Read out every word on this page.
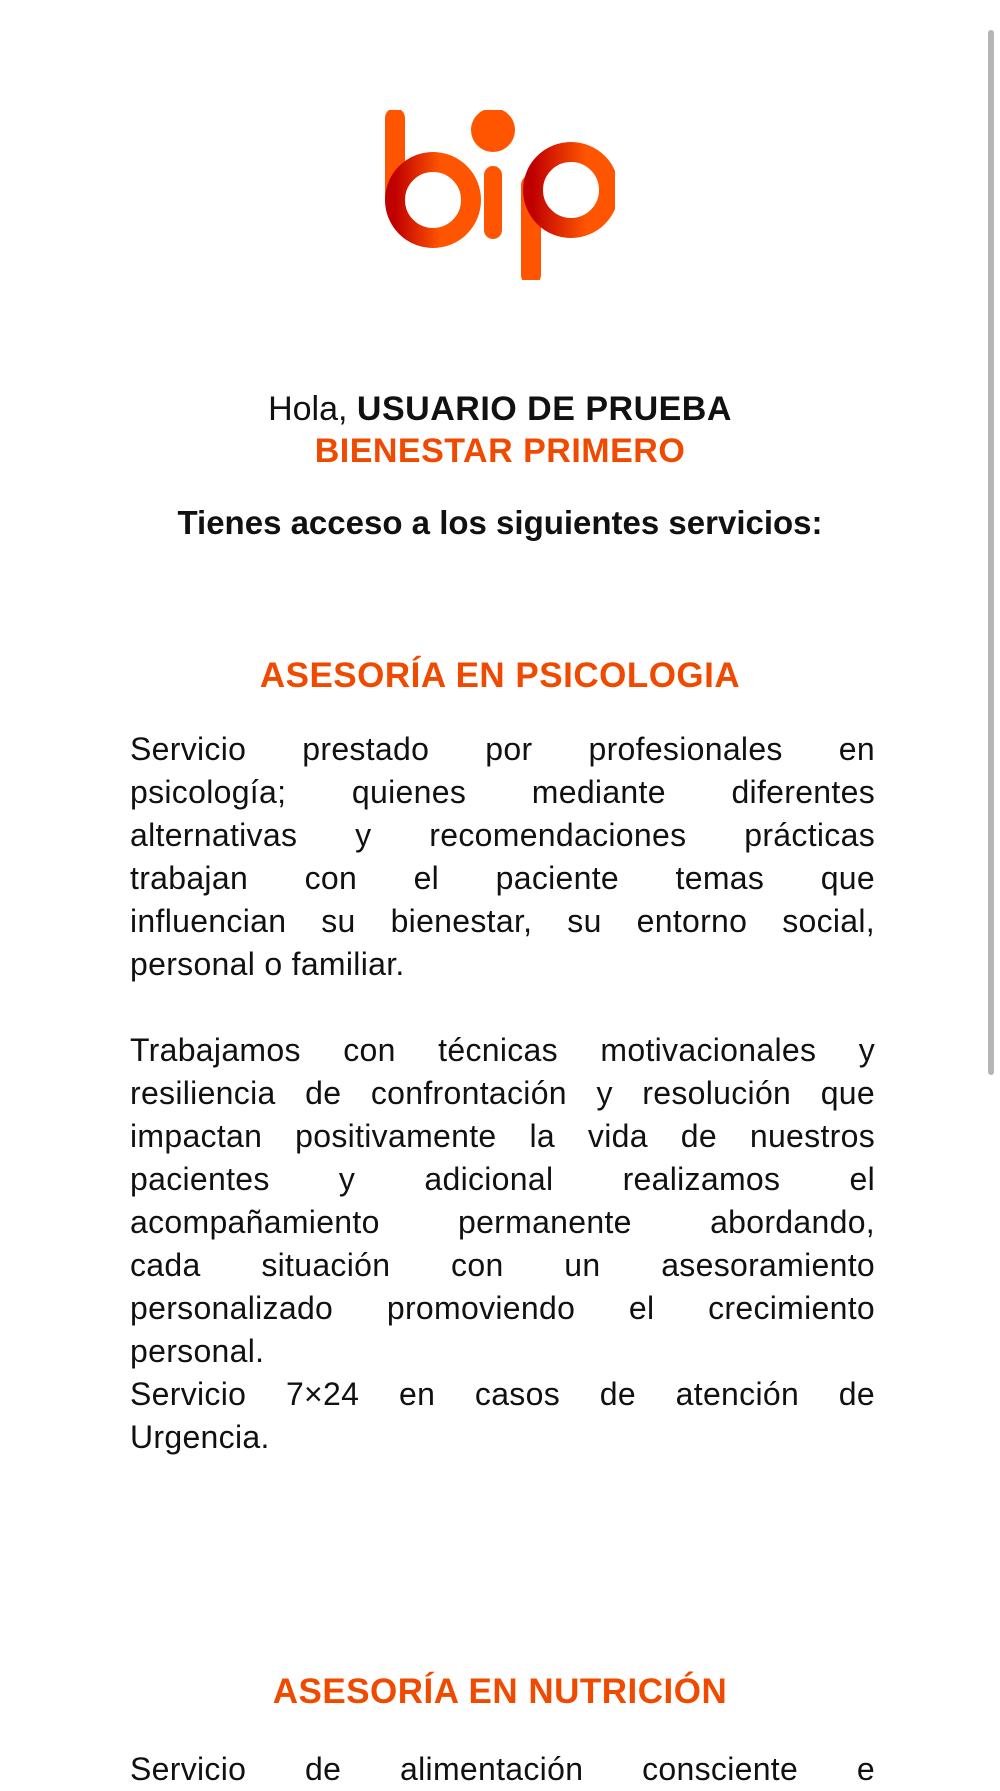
Hola, USUARIO DE PRUEBA
BIENESTAR PRIMERO
Tienes acceso a los siguientes servicios:
ASESORÍA EN PSICOLOGIA
Servicio prestado por profesionales en
psicología; quienes mediante diferentes
alternativas y recomendaciones prácticas
trabajan con el paciente temas que
influencian su bienestar, su entorno social,
personal o familiar.
Trabajamos con técnicas motivacionales y
resiliencia de confrontación y resolución que
impactan positivamente la vida de nuestros
pacientes y adicional realizamos el
acompañamiento permanente abordando,
cada situación con un asesoramiento
personalizado promoviendo el crecimiento
personal.
Servicio 7×24 en casos de atención de
Urgencia.
ASESORÍA EN NUTRICIÓN
Servicio de alimentación consciente e
